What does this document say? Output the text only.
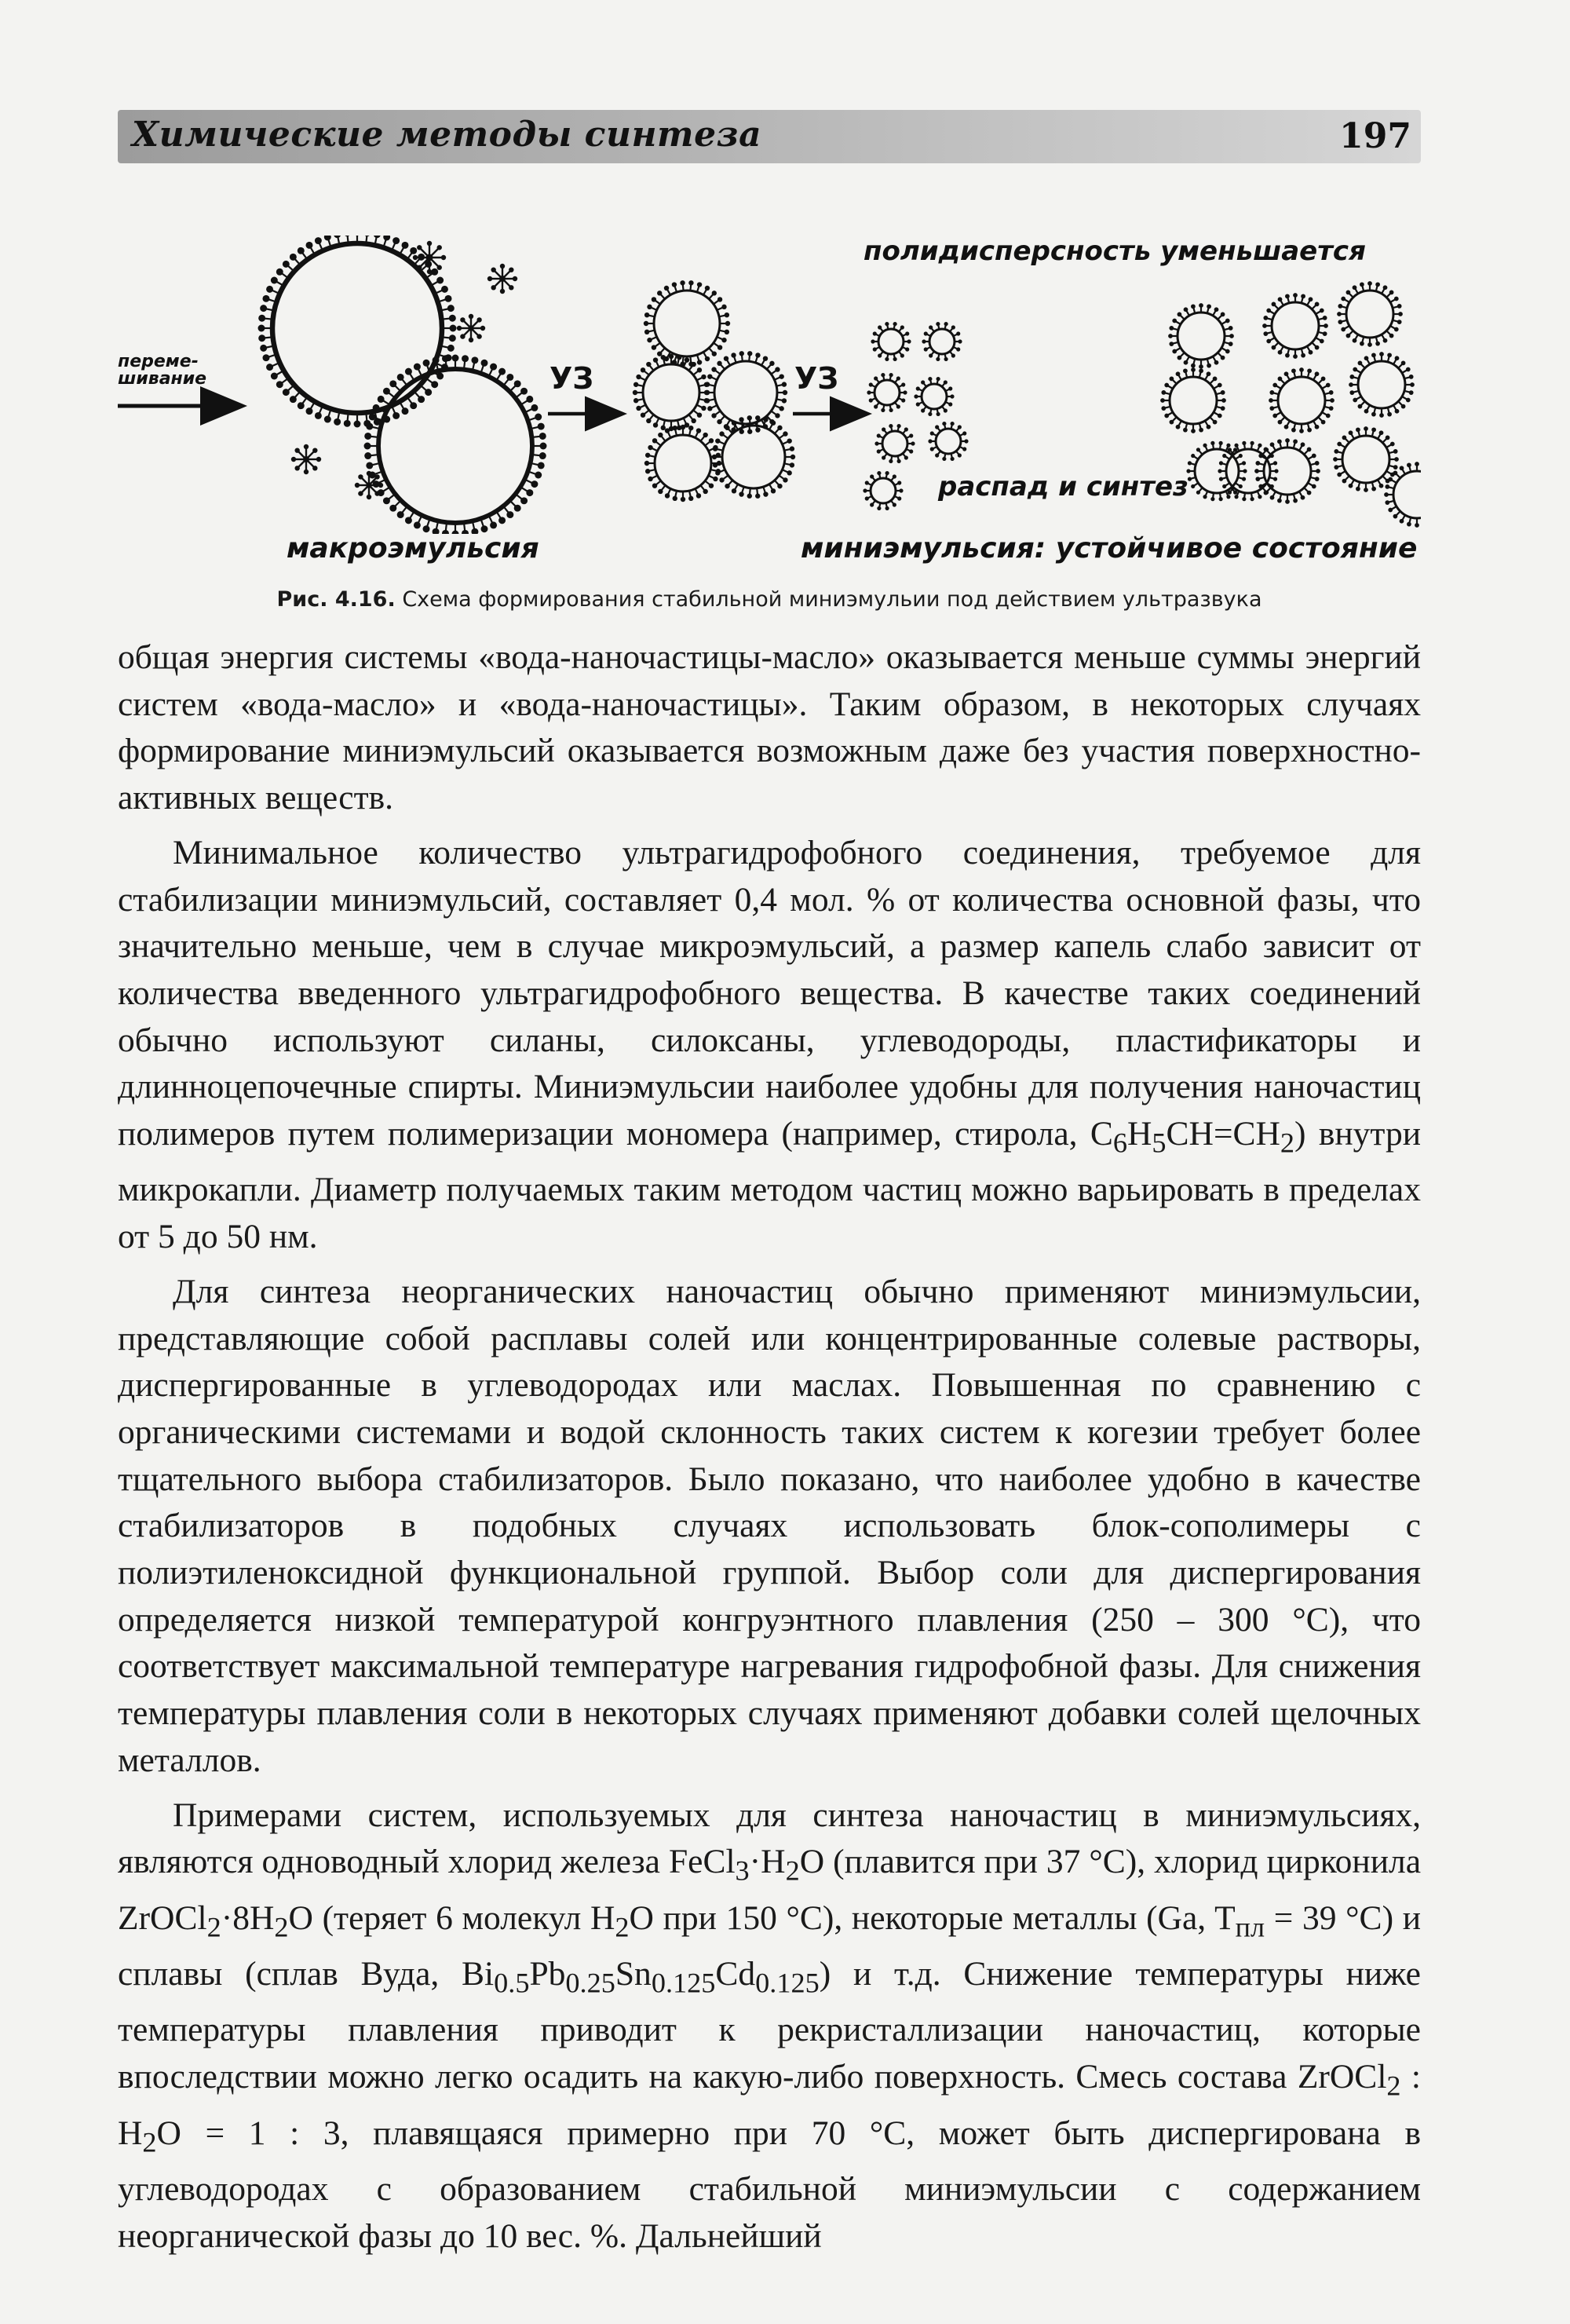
Химические методы синтеза	197
полидисперсность уменьшается
переме-шивание	УЗ	УЗ
распад и синтез
макроэмульсия	миниэмульсия: устойчивое состояние
Рис. 4.16. Схема формирования стабильной миниэмульии под действием ультразвука

общая энергия системы «вода-наночастицы-масло» оказывается меньше суммы энергий систем «вода-масло» и «вода-наночастицы». Таким образом, в некоторых случаях формирование миниэмульсий оказывается возможным даже без участия поверхностно-активных веществ.

Минимальное количество ультрагидрофобного соединения, требуемое для стабилизации миниэмульсий, составляет 0,4 мол. % от количества основной фазы, что значительно меньше, чем в случае микроэмульсий, а размер капель слабо зависит от количества введенного ультрагидрофобного вещества. В качестве таких соединений обычно используют силаны, силоксаны, углеводороды, пластификаторы и длинноцепочечные спирты. Миниэмульсии наиболее удобны для получения наночастиц полимеров путем полимеризации мономера (например, стирола, $C_6H_5CH=CH_2$) внутри микрокапли. Диаметр получаемых таким методом частиц можно варьировать в пределах от 5 до 50 нм.

Для синтеза неорганических наночастиц обычно применяют миниэмульсии, представляющие собой расплавы солей или концентрированные солевые растворы, диспергированные в углеводородах или маслах. Повышенная по сравнению с органическими системами и водой склонность таких систем к когезии требует более тщательного выбора стабилизаторов. Было показано, что наиболее удобно в качестве стабилизаторов в подобных случаях использовать блок-сополимеры с полиэтиленоксидной функциональной группой. Выбор соли для диспергирования определяется низкой температурой конгруэнтного плавления (250 – 300 °С), что соответствует максимальной температуре нагревания гидрофобной фазы. Для снижения температуры плавления соли в некоторых случаях применяют добавки солей щелочных металлов.

Примерами систем, используемых для синтеза наночастиц в миниэмульсиях, являются одноводный хлорид железа $FeCl_3\cdot H_2O$ (плавится при 37 °С), хлорид цирконила $ZrOCl_2\cdot 8H_2O$ (теряет 6 молекул $H_2O$ при 150 °С), некоторые металлы (Ga, $T_{пл} = 39$ °С) и сплавы (сплав Вуда, $Bi_{0.5}Pb_{0.25}Sn_{0.125}Cd_{0.125}$) и т.д. Снижение температуры ниже температуры плавления приводит к рекристаллизации наночастиц, которые впоследствии можно легко осадить на какую-либо поверхность. Смесь состава ZrOCl$_2$ : $H_2O = 1$ : 3, плавящаяся примерно при 70 °С, может быть диспергирована в углеводородах с образованием стабильной миниэмульсии с содержанием неорганической фазы до 10 вес. %. Дальнейший
